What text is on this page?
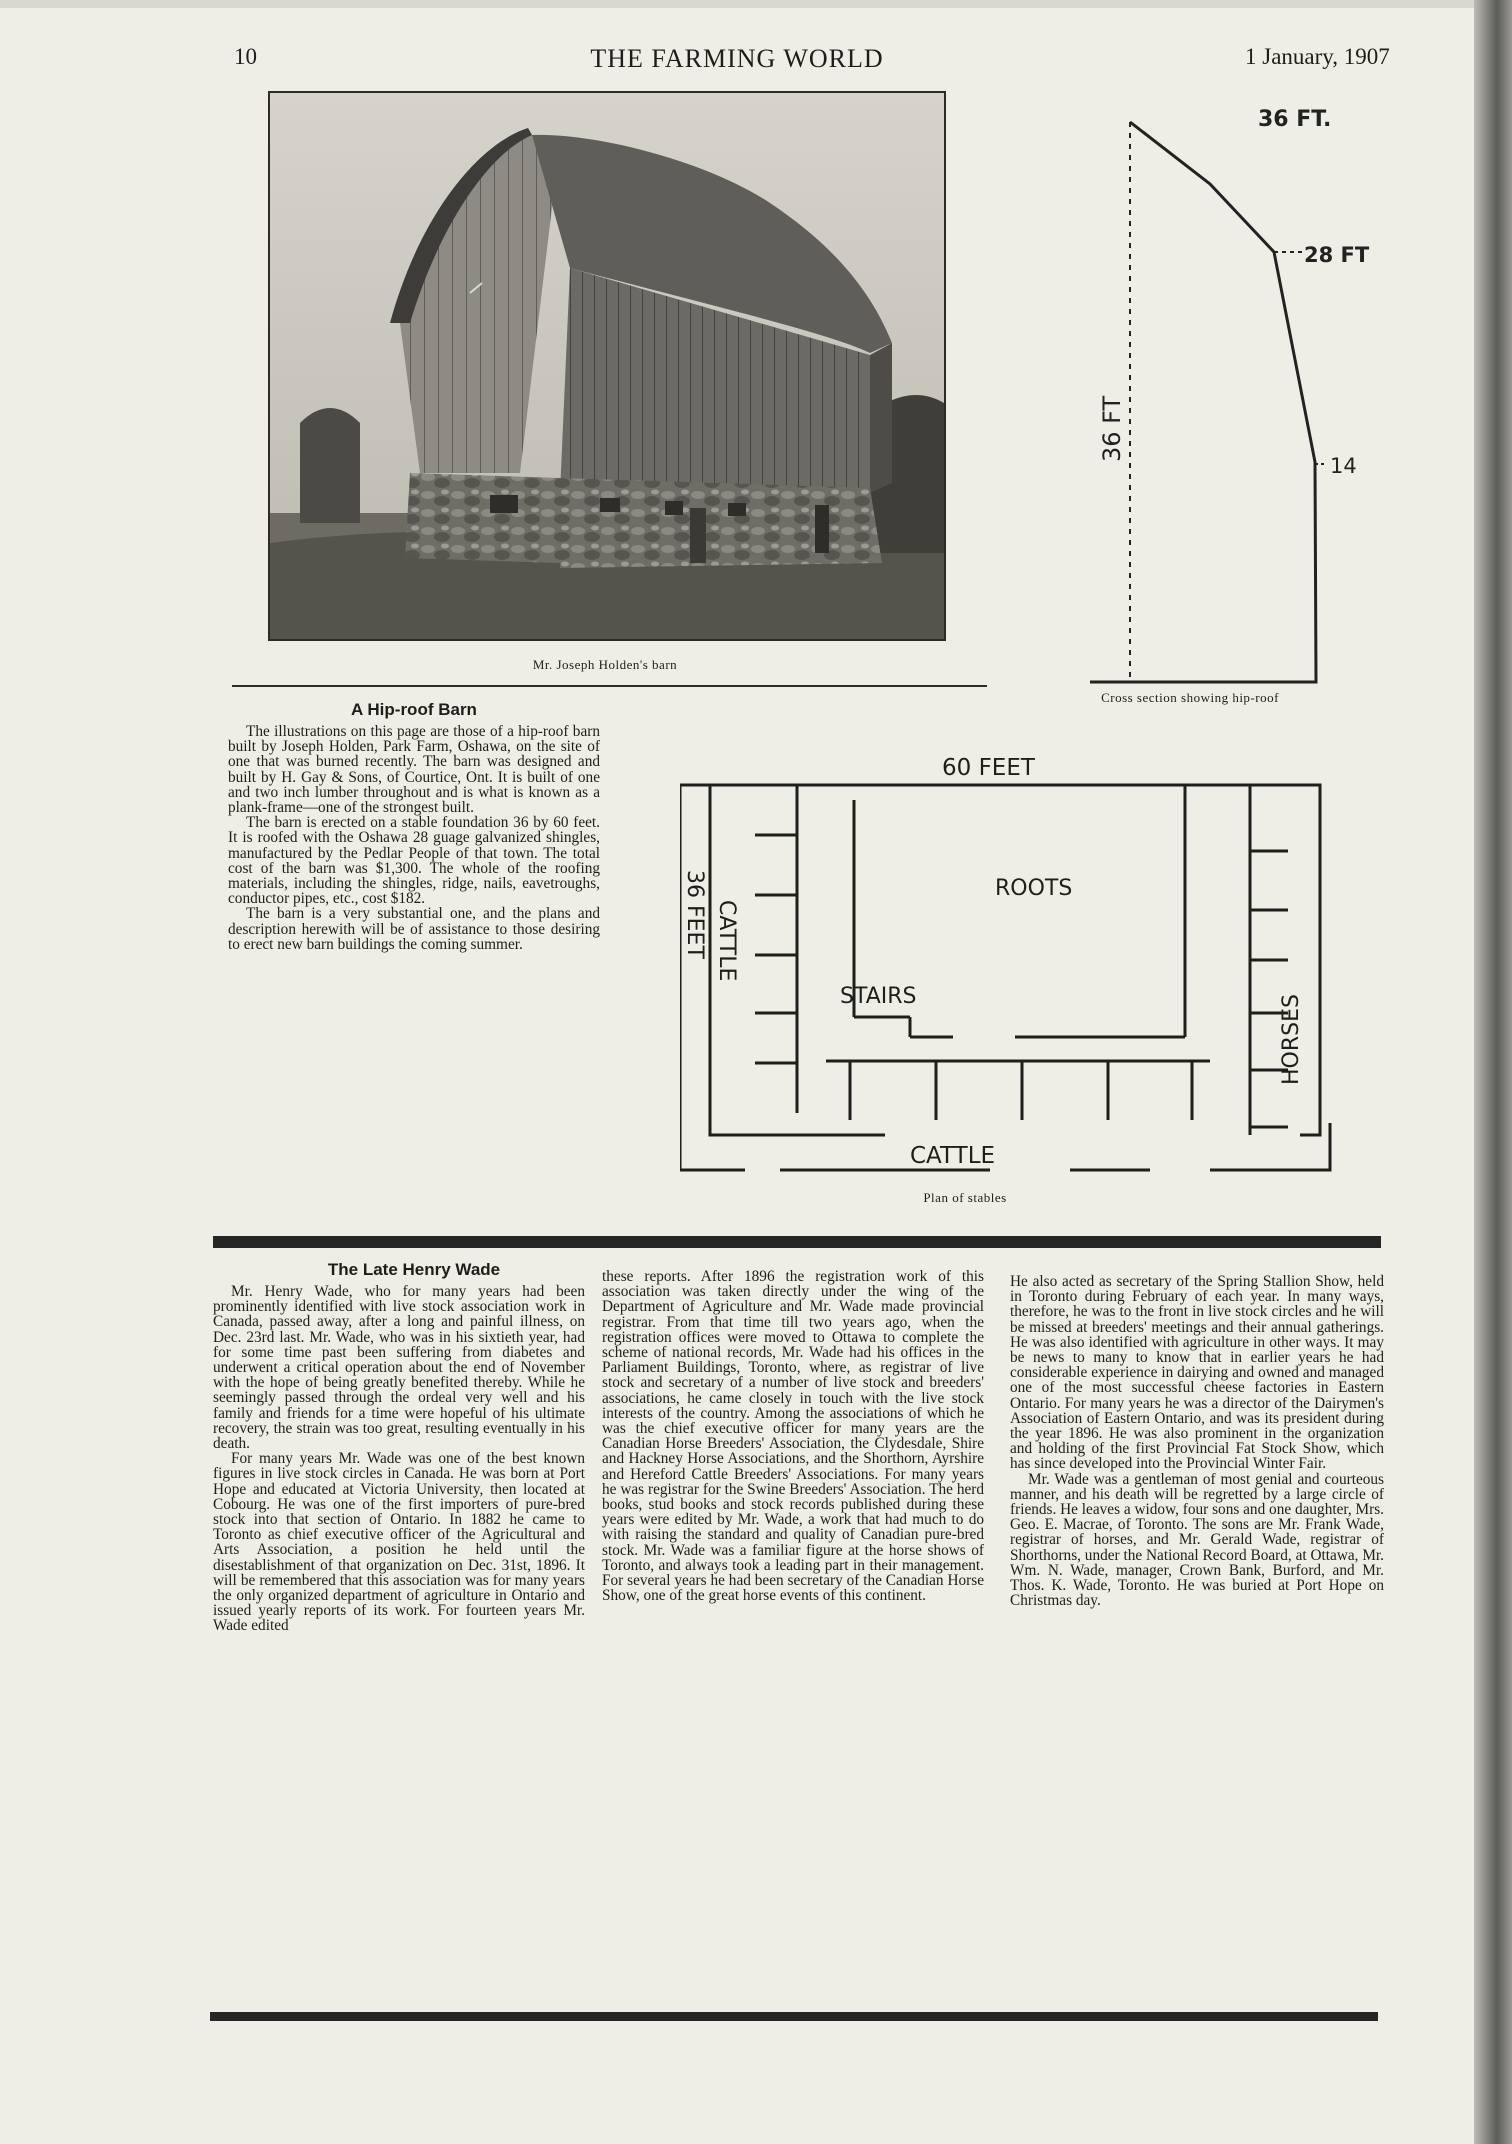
10	THE FARMING WORLD	1 January, 1907
Mr. Joseph Holden's barn
36 FT.
28 FT
14
36 FT
Cross section showing hip-roof
60 FEET
ROOTS
STAIRS
CATTLE
HORSES
CATTLE
36 FEET
Plan of stables
A Hip-roof Barn

The illustrations on this page are those of a hip-roof barn built by Joseph Holden, Park Farm, Oshawa, on the site of one that was burned recently. The barn was designed and built by H. Gay & Sons, of Courtice, Ont. It is built of one and two inch lumber throughout and is what is known as a plank-frame—one of the strongest built.

The barn is erected on a stable foundation 36 by 60 feet. It is roofed with the Oshawa 28 guage galvanized shingles, manufactured by the Pedlar People of that town. The total cost of the barn was $1,300. The whole of the roofing materials, including the shingles, ridge, nails, eavetroughs, conductor pipes, etc., cost $182.

The barn is a very substantial one, and the plans and description herewith will be of assistance to those desiring to erect new barn buildings the coming summer.

The Late Henry Wade

Mr. Henry Wade, who for many years had been prominently identified with live stock association work in Canada, passed away, after a long and painful illness, on Dec. 23rd last. Mr. Wade, who was in his sixtieth year, had for some time past been suffering from diabetes and underwent a critical operation about the end of November with the hope of being greatly benefited thereby. While he seemingly passed through the ordeal very well and his family and friends for a time were hopeful of his ultimate recovery, the strain was too great, resulting eventually in his death.

For many years Mr. Wade was one of the best known figures in live stock circles in Canada. He was born at Port Hope and educated at Victoria University, then located at Cobourg. He was one of the first importers of pure-bred stock into that section of Ontario. In 1882 he came to Toronto as chief executive officer of the Agricultural and Arts Association, a position he held until the disestablishment of that organization on Dec. 31st, 1896. It will be remembered that this association was for many years the only organized department of agriculture in Ontario and issued yearly reports of its work. For fourteen years Mr. Wade edited

these reports. After 1896 the registration work of this association was taken directly under the wing of the Department of Agriculture and Mr. Wade made provincial registrar. From that time till two years ago, when the registration offices were moved to Ottawa to complete the scheme of national records, Mr. Wade had his offices in the Parliament Buildings, Toronto, where, as registrar of live stock and secretary of a number of live stock and breeders' associations, he came closely in touch with the live stock interests of the country. Among the associations of which he was the chief executive officer for many years are the Canadian Horse Breeders' Association, the Clydesdale, Shire and Hackney Horse Associations, and the Shorthorn, Ayrshire and Hereford Cattle Breeders' Associations. For many years he was registrar for the Swine Breeders' Association. The herd books, stud books and stock records published during these years were edited by Mr. Wade, a work that had much to do with raising the standard and quality of Canadian pure-bred stock. Mr. Wade was a familiar figure at the horse shows of Toronto, and always took a leading part in their management. For several years he had been secretary of the Canadian Horse Show, one of the great horse events of this continent.

He also acted as secretary of the Spring Stallion Show, held in Toronto during February of each year. In many ways, therefore, he was to the front in live stock circles and he will be missed at breeders' meetings and their annual gatherings. He was also identified with agriculture in other ways. It may be news to many to know that in earlier years he had considerable experience in dairying and owned and managed one of the most successful cheese factories in Eastern Ontario. For many years he was a director of the Dairymen's Association of Eastern Ontario, and was its president during the year 1896. He was also prominent in the organization and holding of the first Provincial Fat Stock Show, which has since developed into the Provincial Winter Fair.

Mr. Wade was a gentleman of most genial and courteous manner, and his death will be regretted by a large circle of friends. He leaves a widow, four sons and one daughter, Mrs. Geo. E. Macrae, of Toronto. The sons are Mr. Frank Wade, registrar of horses, and Mr. Gerald Wade, registrar of Shorthorns, under the National Record Board, at Ottawa, Mr. Wm. N. Wade, manager, Crown Bank, Burford, and Mr. Thos. K. Wade, Toronto. He was buried at Port Hope on Christmas day.
